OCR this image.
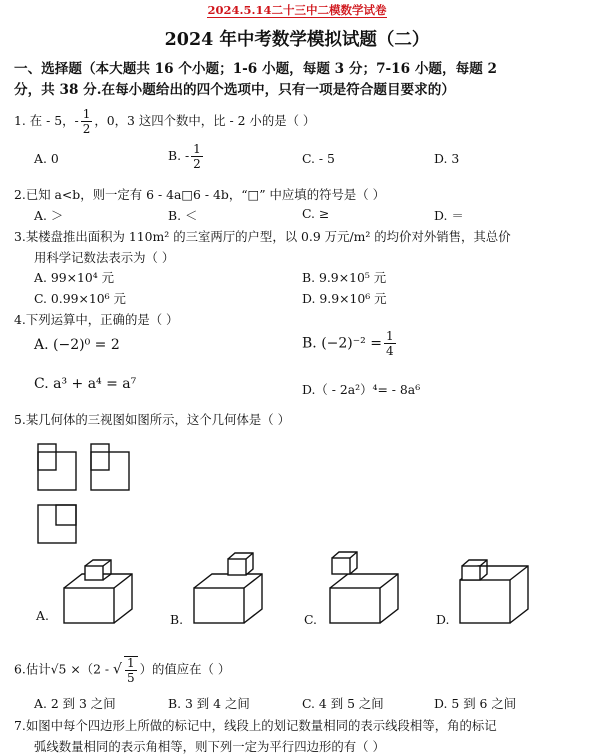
2024.5.14二十三中二模数学试卷
2024 年中考数学模拟试题（二）
一、选择题（本大题共 16 个小题；1-6 小题，每题 3 分；7-16 小题，每题 2
分，共 38 分.在每小题给出的四个选项中，只有一项是符合题目要求的）
1. 在 - 5，- $\frac{1}{2}$ ，0，3 这四个数中，比 - 2 小的是（ ）
A. 0	B. - $\frac{1}{2}$	C. - 5	D. 3
2.已知 a<b，则一定有 6 - 4a□6 - 4b，“□” 中应填的符号是（ ）
A. ＞	B. ＜	C. ≥	D. ＝
3.某楼盘推出面积为 110m² 的三室两厅的户型，以 0.9 万元/m² 的均价对外销售，其总价
用科学记数法表示为（ ）
A. 99×10⁴ 元	B. 9.9×10⁵ 元
C. 0.99×10⁶ 元	D. 9.9×10⁶ 元
4.下列运算中，正确的是（ ）
A. (−2)⁰ = 2	B. $(-2)^{-2} = \frac{1}{4}$
C. a³ + a⁴ = a⁷	D.（ - 2a²）⁴= - 8a⁶
5.某几何体的三视图如图所示，这个几何体是（ ）
A.	B.	C.	D.
6.估计√5 ×（2 - √ $\frac{1}{5}$ ）的值应在（ ）
A. 2 到 3 之间	B. 3 到 4 之间	C. 4 到 5 之间	D. 5 到 6 之间
7.如图中每个四边形上所做的标记中，线段上的划记数量相同的表示线段相等，角的标记
弧线数量相同的表示角相等，则下列一定为平行四边形的有（ ）
